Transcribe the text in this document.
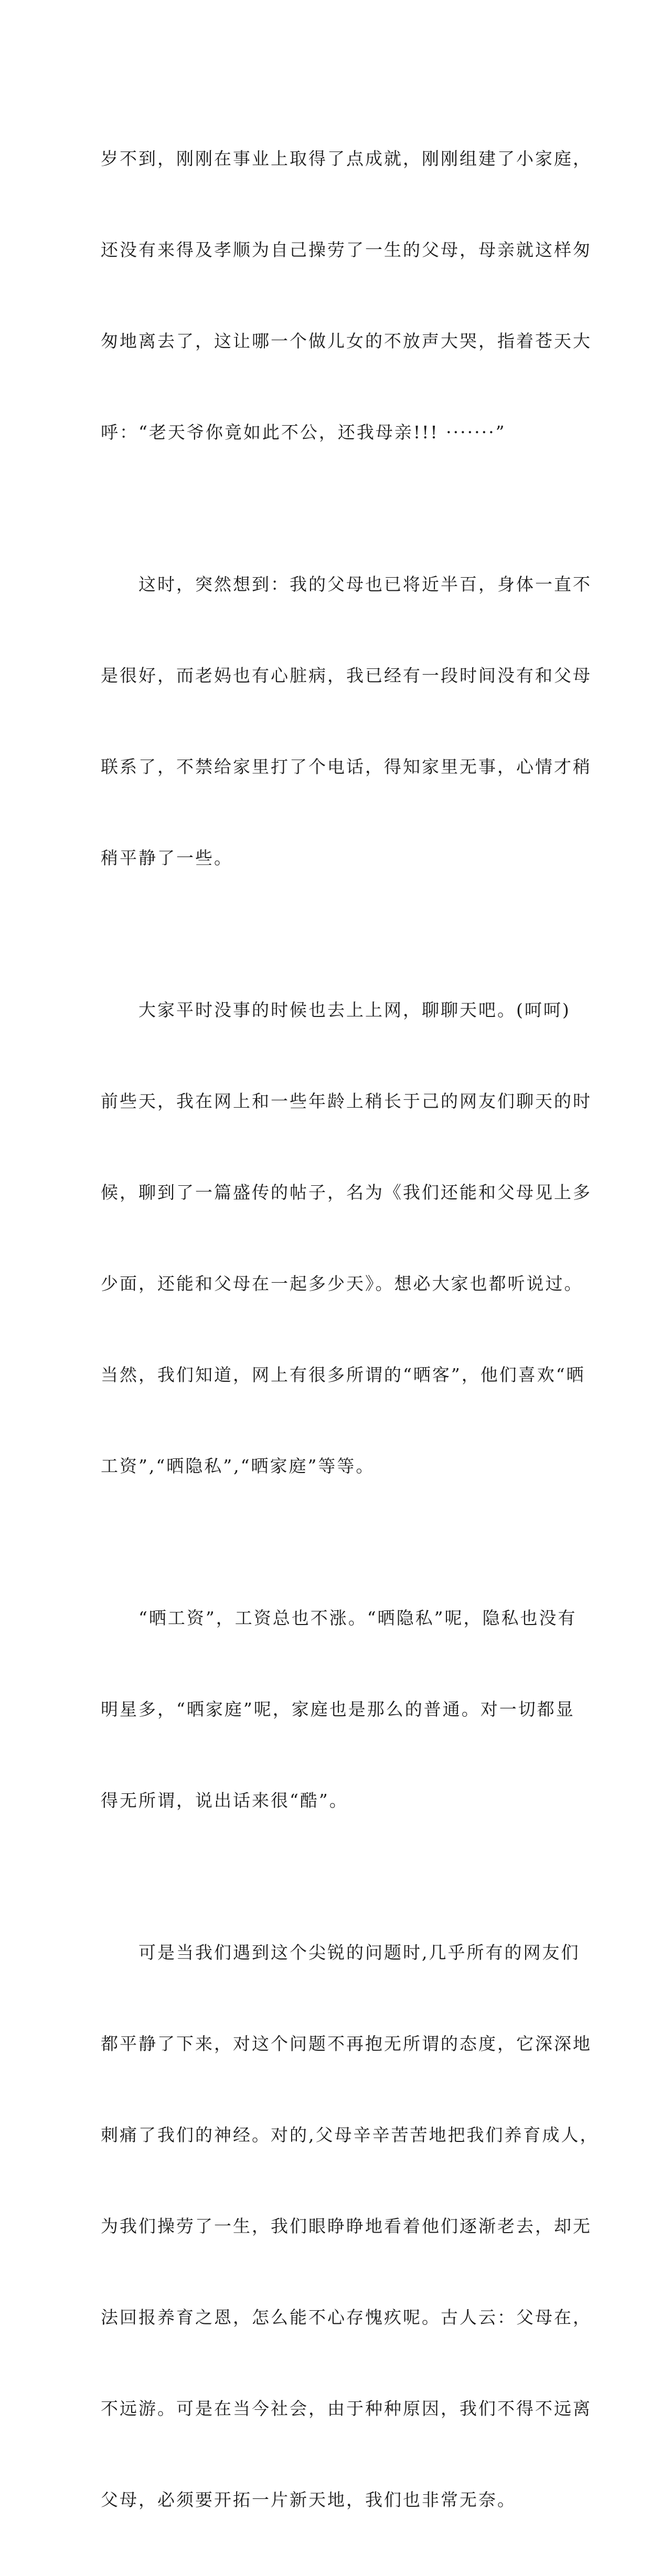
岁不到，刚刚在事业上取得了点成就，刚刚组建了小家庭，

还没有来得及孝顺为自己操劳了一生的父母，母亲就这样匆

匆地离去了，这让哪一个做儿女的不放声大哭，指着苍天大

呼：“老天爷你竟如此不公，还我母亲!!! ·······”

　　这时，突然想到：我的父母也已将近半百，身体一直不

是很好，而老妈也有心脏病，我已经有一段时间没有和父母

联系了，不禁给家里打了个电话，得知家里无事，心情才稍

稍平静了一些。

　　大家平时没事的时候也去上上网，聊聊天吧。(呵呵)

前些天，我在网上和一些年龄上稍长于己的网友们聊天的时

候，聊到了一篇盛传的帖子，名为《我们还能和父母见上多

少面，还能和父母在一起多少天》。想必大家也都听说过。

当然，我们知道，网上有很多所谓的“晒客”，他们喜欢“晒

工资”,“晒隐私”,“晒家庭”等等。

　　“晒工资”，工资总也不涨。“晒隐私”呢，隐私也没有

明星多，“晒家庭”呢，家庭也是那么的普通。对一切都显

得无所谓，说出话来很“酷”。

　　可是当我们遇到这个尖锐的问题时,几乎所有的网友们

都平静了下来，对这个问题不再抱无所谓的态度，它深深地

刺痛了我们的神经。对的,父母辛辛苦苦地把我们养育成人，

为我们操劳了一生，我们眼睁睁地看着他们逐渐老去，却无

法回报养育之恩，怎么能不心存愧疚呢。古人云：父母在，

不远游。可是在当今社会，由于种种原因，我们不得不远离

父母，必须要开拓一片新天地，我们也非常无奈。
